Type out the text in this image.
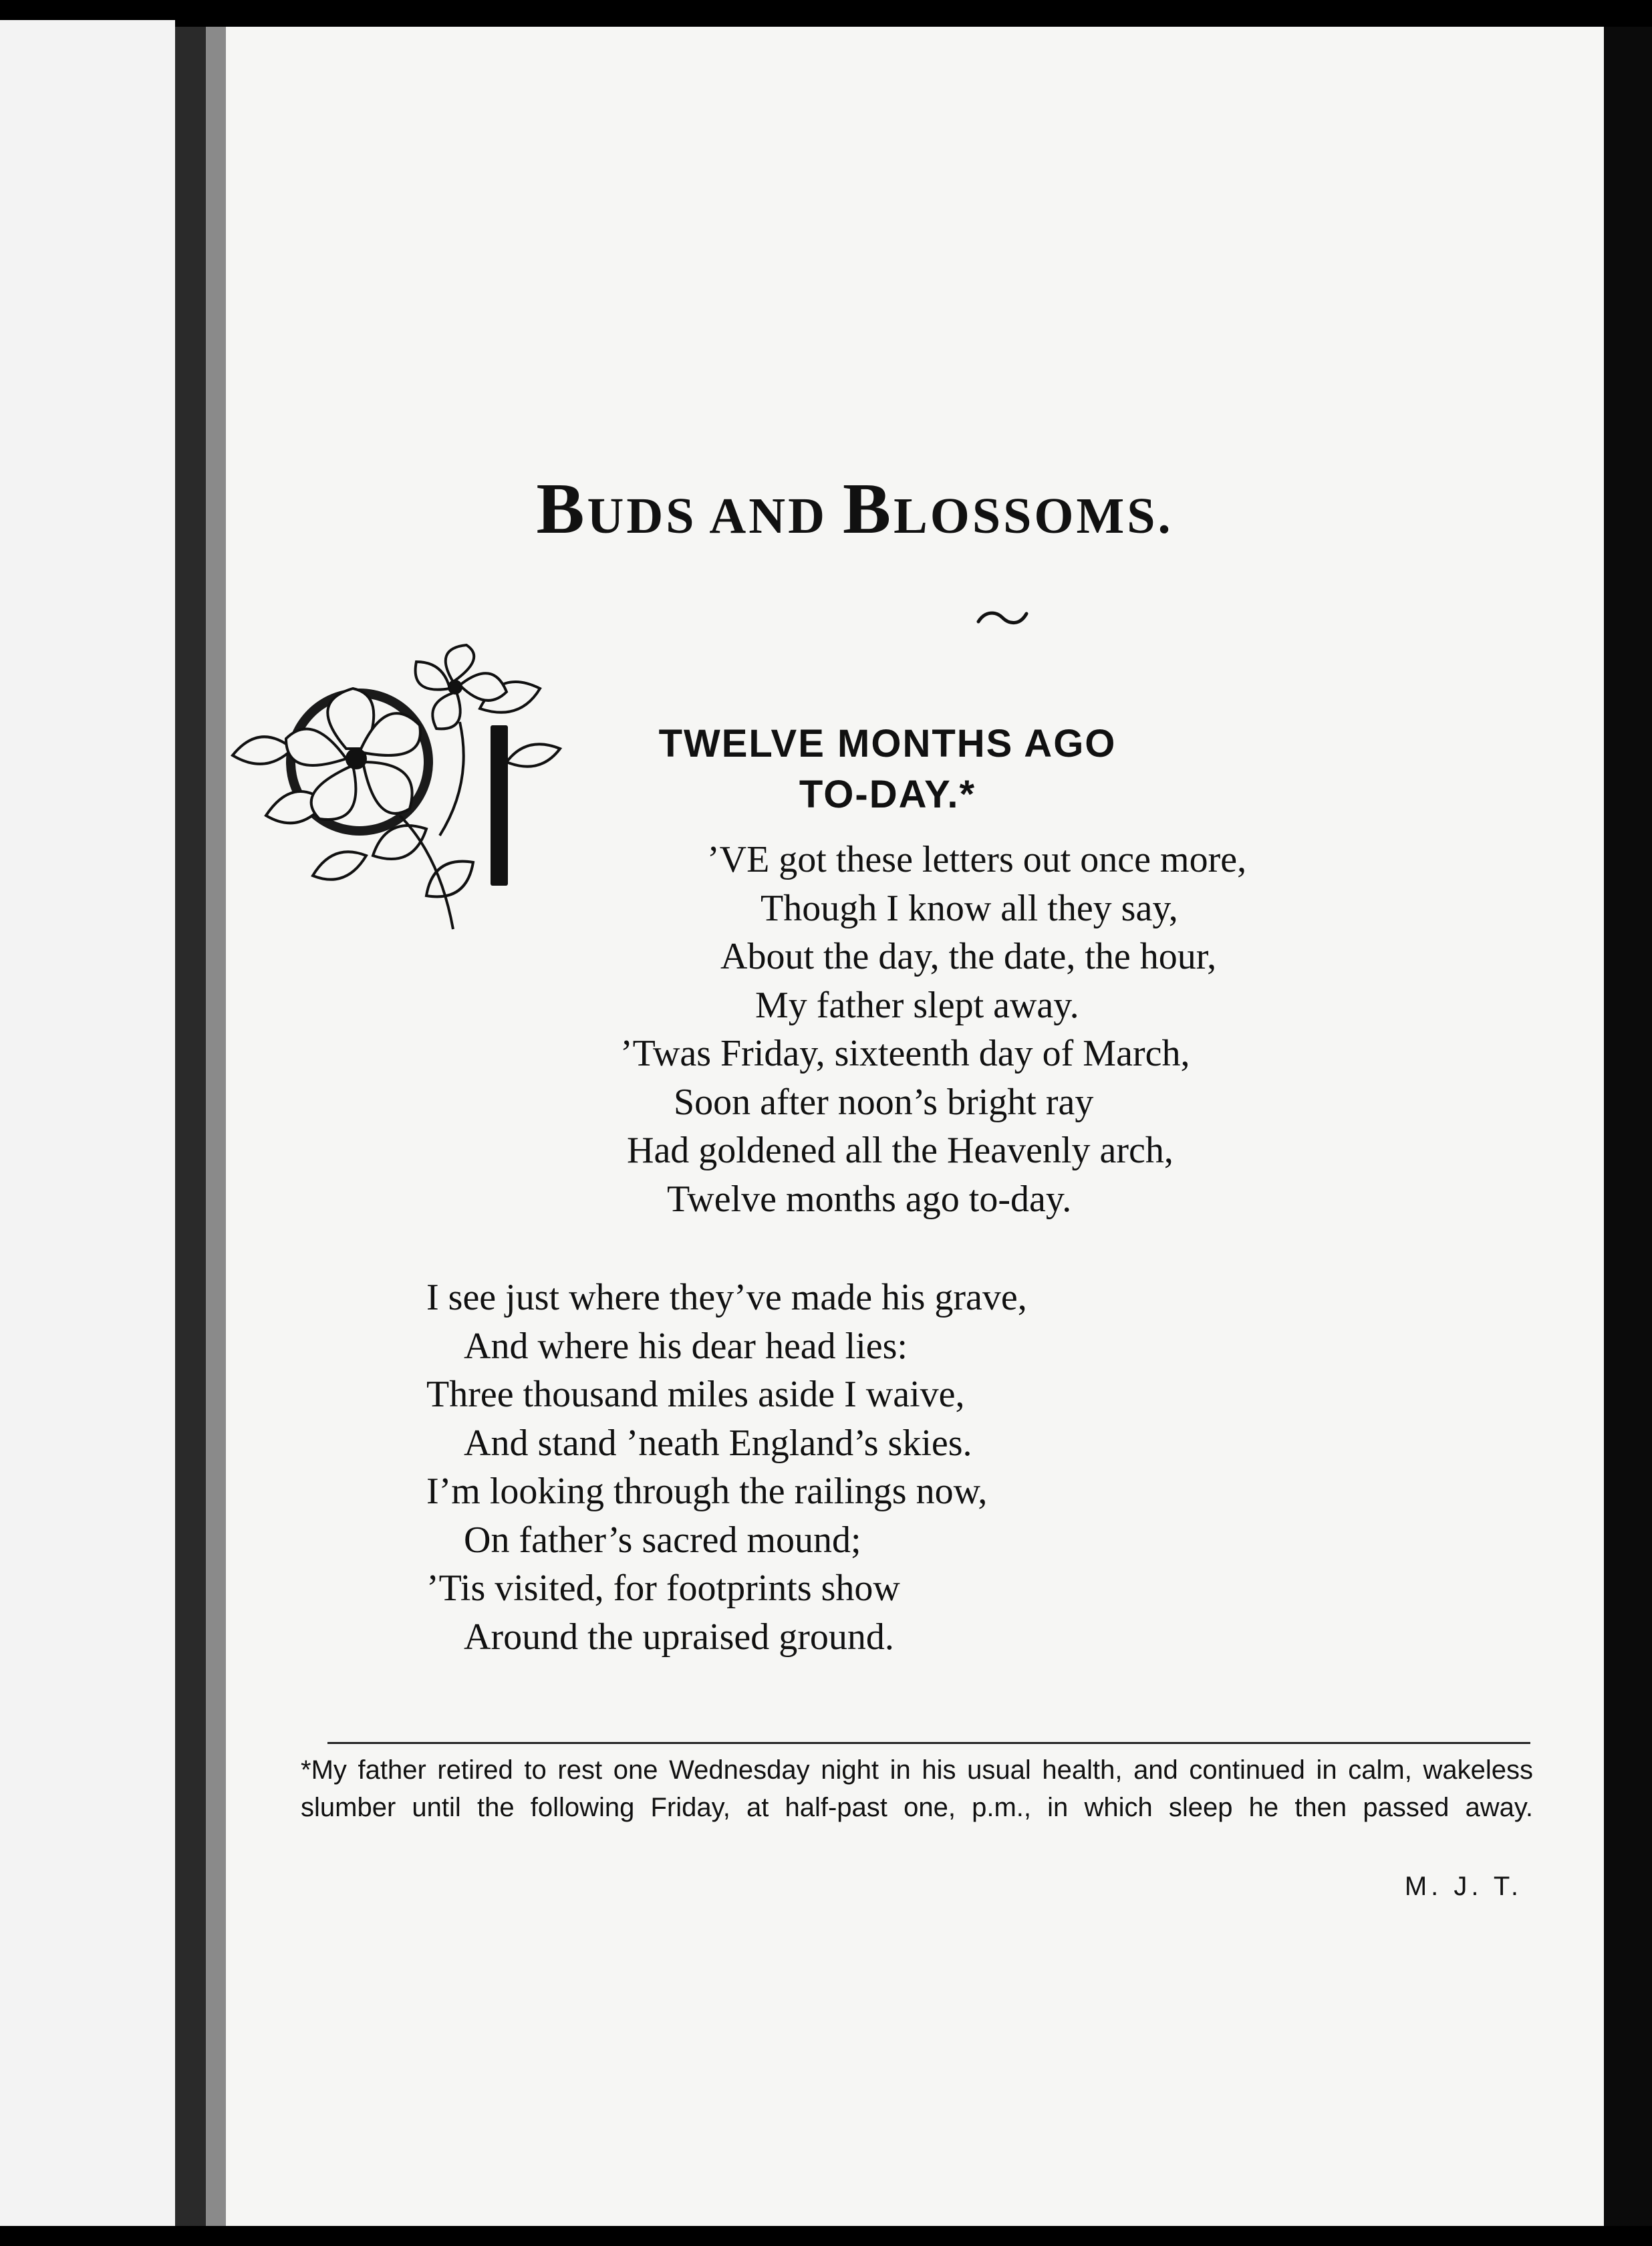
BUDS AND BLOSSOMS.
TWELVE MONTHS AGO
TO-DAY.*
’VE got these letters out once more,
Though I know all they say,
About the day, the date, the hour,
My father slept away.
’Twas Friday, sixteenth day of March,
Soon after noon’s bright ray
Had goldened all the Heavenly arch,
Twelve months ago to-day.
I see just where they’ve made his grave,
And where his dear head lies:
Three thousand miles aside I waive,
And stand ’neath England’s skies.
I’m looking through the railings now,
On father’s sacred mound;
’Tis visited, for footprints show
Around the upraised ground.

*My father retired to rest one Wednesday night in his usual health, and continued in calm, wakeless slumber until the following Friday, at half-past one, p.m., in which sleep he then passed away.

M. J. T.
